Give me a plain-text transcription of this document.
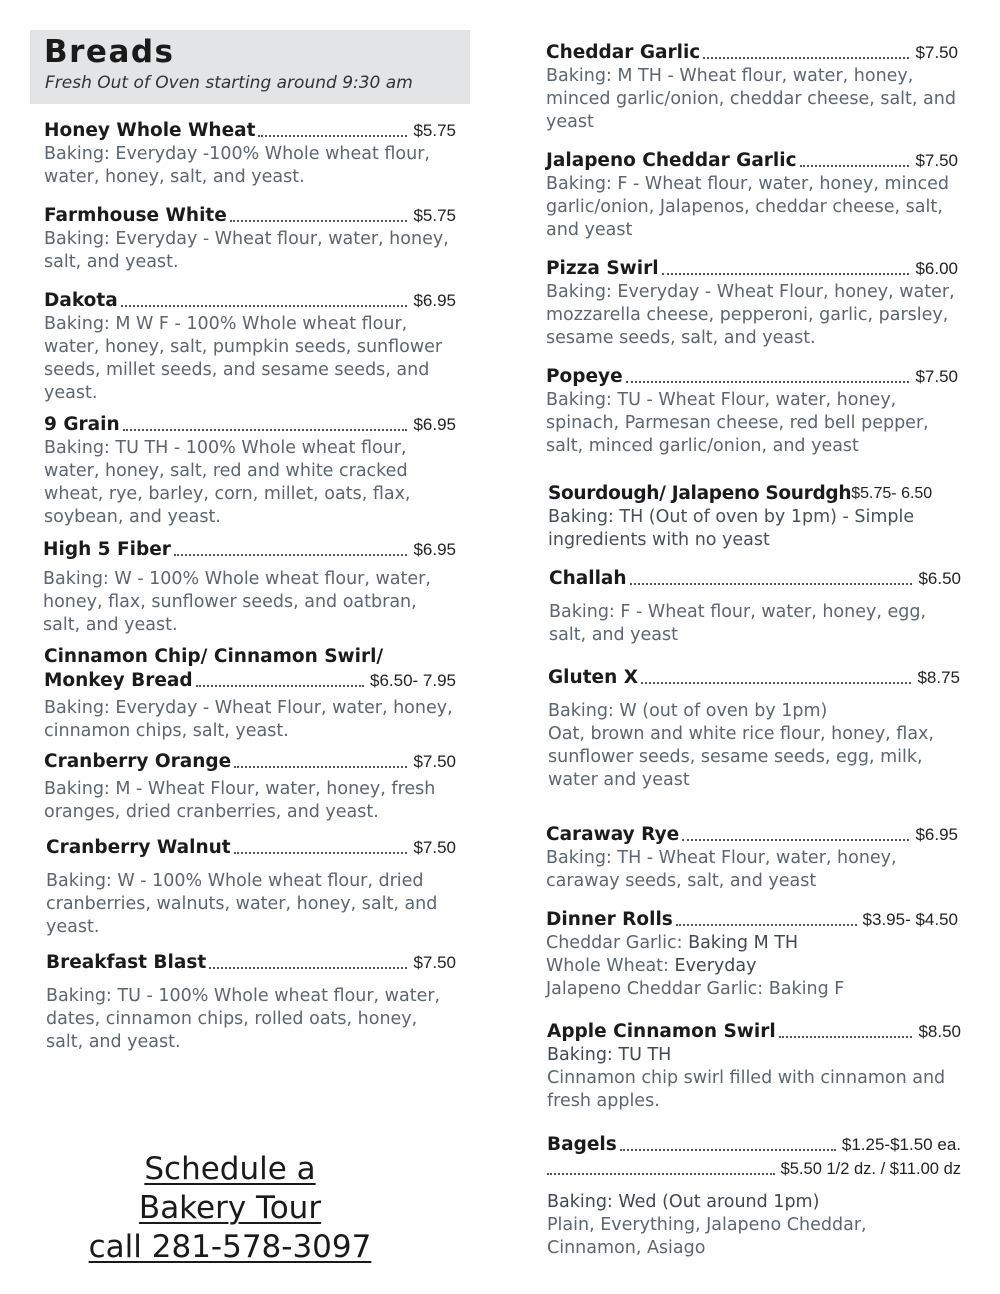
Breads
Fresh Out of Oven starting around 9:30 am
Honey Whole Wheat	$5.75
Baking: Everyday -100% Whole wheat flour, water, honey, salt, and yeast.
Farmhouse White	$5.75
Baking: Everyday - Wheat flour, water, honey, salt, and yeast.
Dakota	$6.95
Baking: M W F - 100% Whole wheat flour, water, honey, salt, pumpkin seeds, sunflower seeds, millet seeds, and sesame seeds, and yeast.
9 Grain	$6.95
Baking: TU TH - 100% Whole wheat flour, water, honey, salt, red and white cracked wheat, rye, barley, corn, millet, oats, flax, soybean, and yeast.
High 5 Fiber	$6.95
Baking: W - 100% Whole wheat flour, water, honey, flax, sunflower seeds, and oatbran, salt, and yeast.
Cinnamon Chip/ Cinnamon Swirl/
Monkey Bread	$6.50- 7.95
Baking: Everyday - Wheat Flour, water, honey, cinnamon chips, salt, yeast.
Cranberry Orange	$7.50
Baking: M - Wheat Flour, water, honey, fresh oranges, dried cranberries, and yeast.
Cranberry Walnut	$7.50
Baking: W - 100% Whole wheat flour, dried cranberries, walnuts, water, honey, salt, and yeast.
Breakfast Blast	$7.50
Baking: TU - 100% Whole wheat flour, water, dates, cinnamon chips, rolled oats, honey, salt, and yeast.
Schedule a
Bakery Tour
call 281-578-3097
Cheddar Garlic	$7.50
Baking: M TH - Wheat flour, water, honey, minced garlic/onion, cheddar cheese, salt, and yeast
Jalapeno Cheddar Garlic	$7.50
Baking: F - Wheat flour, water, honey, minced garlic/onion, Jalapenos, cheddar cheese, salt, and yeast
Pizza Swirl	$6.00
Baking: Everyday - Wheat Flour, honey, water, mozzarella cheese, pepperoni, garlic, parsley, sesame seeds, salt, and yeast.
Popeye	$7.50
Baking: TU - Wheat Flour, water, honey, spinach, Parmesan cheese, red bell pepper, salt, minced garlic/onion, and yeast
Sourdough/ Jalapeno Sourdgh $5.75- 6.50
Baking: TH (Out of oven by 1pm) - Simple ingredients with no yeast
Challah	$6.50
Baking: F - Wheat flour, water, honey, egg, salt, and yeast
Gluten X	$8.75
Baking: W (out of oven by 1pm)
Oat, brown and white rice flour, honey, flax, sunflower seeds, sesame seeds, egg, milk, water and yeast
Caraway Rye	$6.95
Baking: TH - Wheat Flour, water, honey, caraway seeds, salt, and yeast
Dinner Rolls	$3.95- $4.50
Cheddar Garlic: Baking M TH
Whole Wheat: Everyday
Jalapeno Cheddar Garlic: Baking F
Apple Cinnamon Swirl	$8.50
Baking: TU TH
Cinnamon chip swirl filled with cinnamon and fresh apples.
Bagels	$1.25-$1.50 ea.
$5.50 1/2 dz. / $11.00 dz
Baking: Wed (Out around 1pm)
Plain, Everything, Jalapeno Cheddar, Cinnamon, Asiago
